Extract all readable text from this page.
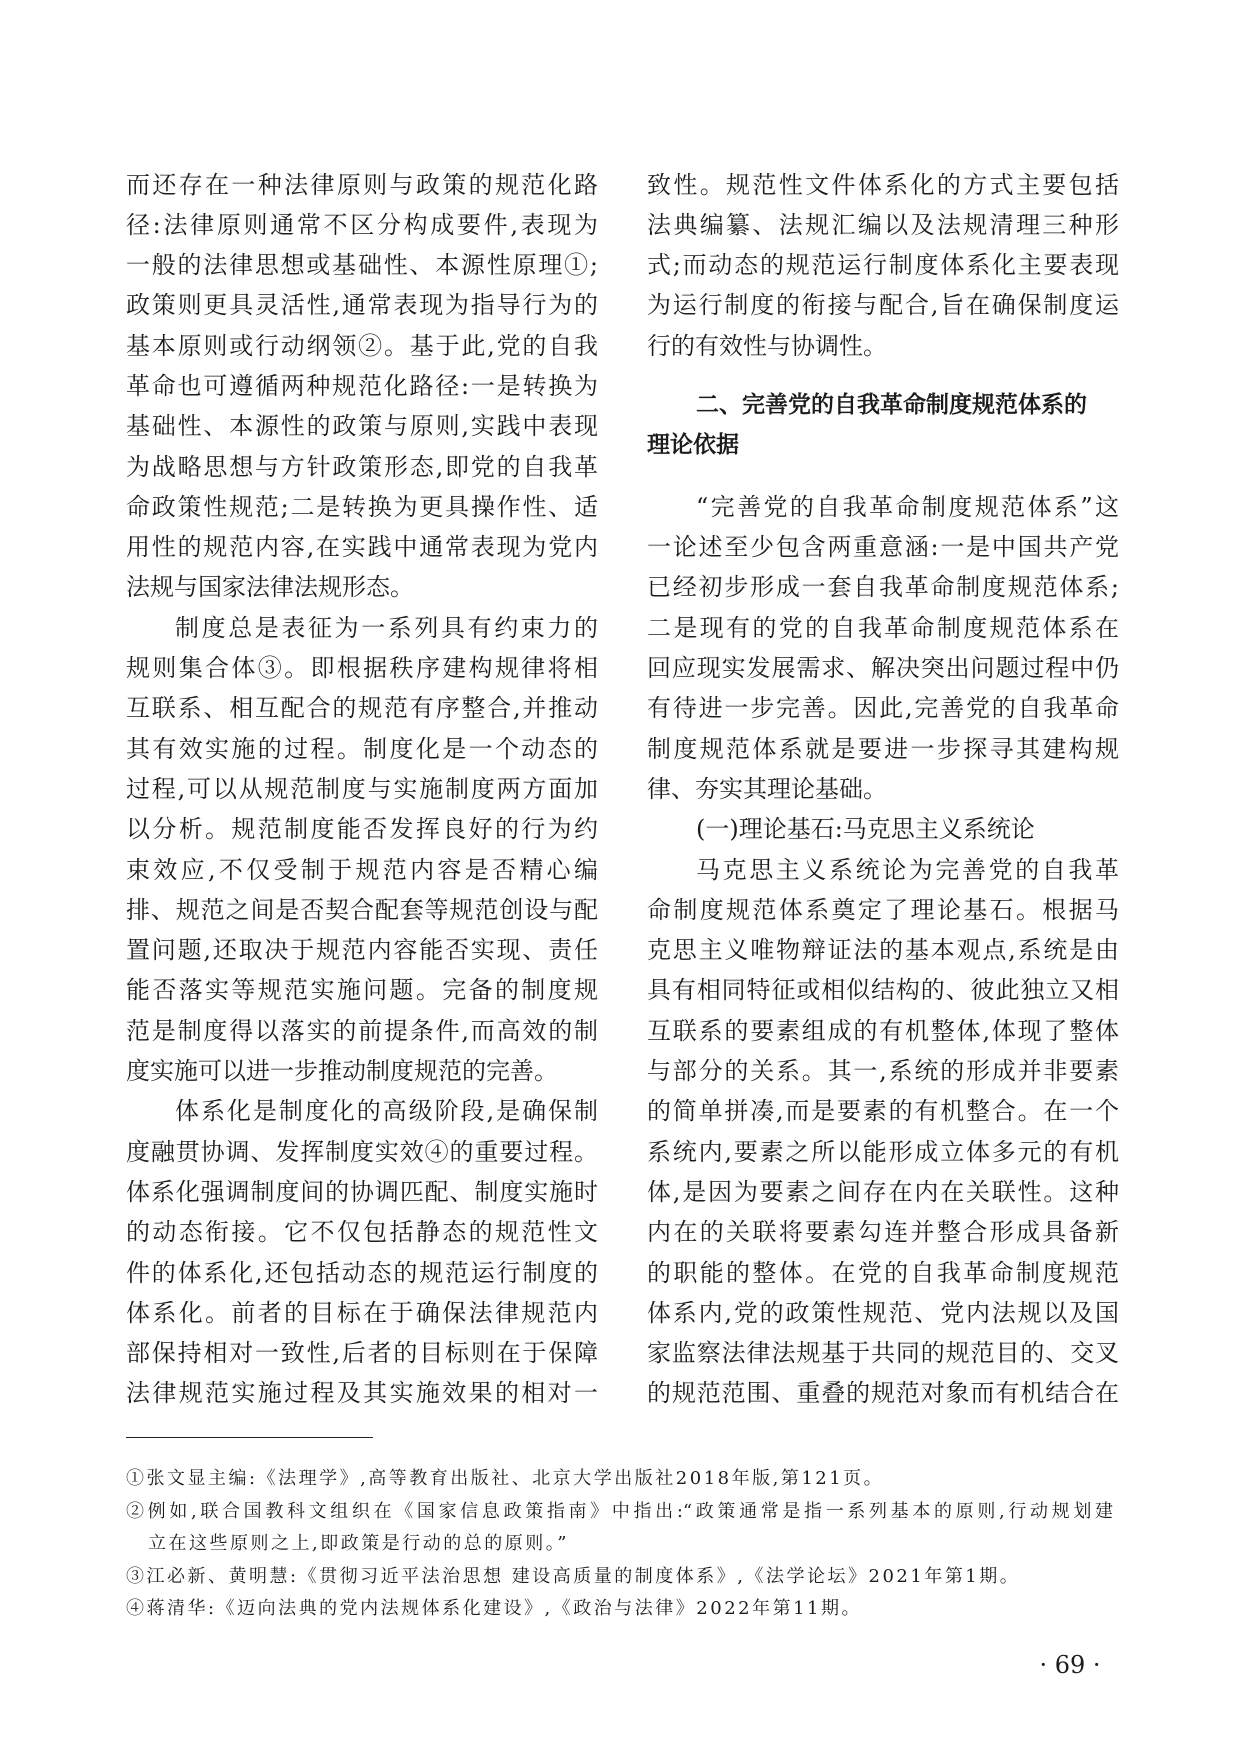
而还存在一种法律原则与政策的规范化路
径:法律原则通常不区分构成要件,表现为
一般的法律思想或基础性、本源性原理①;
政策则更具灵活性,通常表现为指导行为的
基本原则或行动纲领②。基于此,党的自我
革命也可遵循两种规范化路径:一是转换为
基础性、本源性的政策与原则,实践中表现
为战略思想与方针政策形态,即党的自我革
命政策性规范;二是转换为更具操作性、适
用性的规范内容,在实践中通常表现为党内
法规与国家法律法规形态。
制度总是表征为一系列具有约束力的
规则集合体③。即根据秩序建构规律将相
互联系、相互配合的规范有序整合,并推动
其有效实施的过程。制度化是一个动态的
过程,可以从规范制度与实施制度两方面加
以分析。规范制度能否发挥良好的行为约
束效应,不仅受制于规范内容是否精心编
排、规范之间是否契合配套等规范创设与配
置问题,还取决于规范内容能否实现、责任
能否落实等规范实施问题。完备的制度规
范是制度得以落实的前提条件,而高效的制
度实施可以进一步推动制度规范的完善。
体系化是制度化的高级阶段,是确保制
度融贯协调、发挥制度实效④的重要过程。
体系化强调制度间的协调匹配、制度实施时
的动态衔接。它不仅包括静态的规范性文
件的体系化,还包括动态的规范运行制度的
体系化。前者的目标在于确保法律规范内
部保持相对一致性,后者的目标则在于保障
法律规范实施过程及其实施效果的相对一
致性。规范性文件体系化的方式主要包括
法典编纂、法规汇编以及法规清理三种形
式;而动态的规范运行制度体系化主要表现
为运行制度的衔接与配合,旨在确保制度运
行的有效性与协调性。
二、完善党的自我革命制度规范体系的
理论依据
“完善党的自我革命制度规范体系”这
一论述至少包含两重意涵:一是中国共产党
已经初步形成一套自我革命制度规范体系;
二是现有的党的自我革命制度规范体系在
回应现实发展需求、解决突出问题过程中仍
有待进一步完善。因此,完善党的自我革命
制度规范体系就是要进一步探寻其建构规
律、夯实其理论基础。
(一)理论基石:马克思主义系统论
马克思主义系统论为完善党的自我革
命制度规范体系奠定了理论基石。根据马
克思主义唯物辩证法的基本观点,系统是由
具有相同特征或相似结构的、彼此独立又相
互联系的要素组成的有机整体,体现了整体
与部分的关系。其一,系统的形成并非要素
的简单拼凑,而是要素的有机整合。在一个
系统内,要素之所以能形成立体多元的有机
体,是因为要素之间存在内在关联性。这种
内在的关联将要素勾连并整合形成具备新
的职能的整体。在党的自我革命制度规范
体系内,党的政策性规范、党内法规以及国
家监察法律法规基于共同的规范目的、交叉
的规范范围、重叠的规范对象而有机结合在
①张文显主编:《法理学》,高等教育出版社、北京大学出版社2018年版,第121页。
②例如,联合国教科文组织在《国家信息政策指南》中指出:“政策通常是指一系列基本的原则,行动规划建
立在这些原则之上,即政策是行动的总的原则。”
③江必新、黄明慧:《贯彻习近平法治思想 建设高质量的制度体系》,《法学论坛》2021年第1期。
④蒋清华:《迈向法典的党内法规体系化建设》,《政治与法律》2022年第11期。
· 69 ·
